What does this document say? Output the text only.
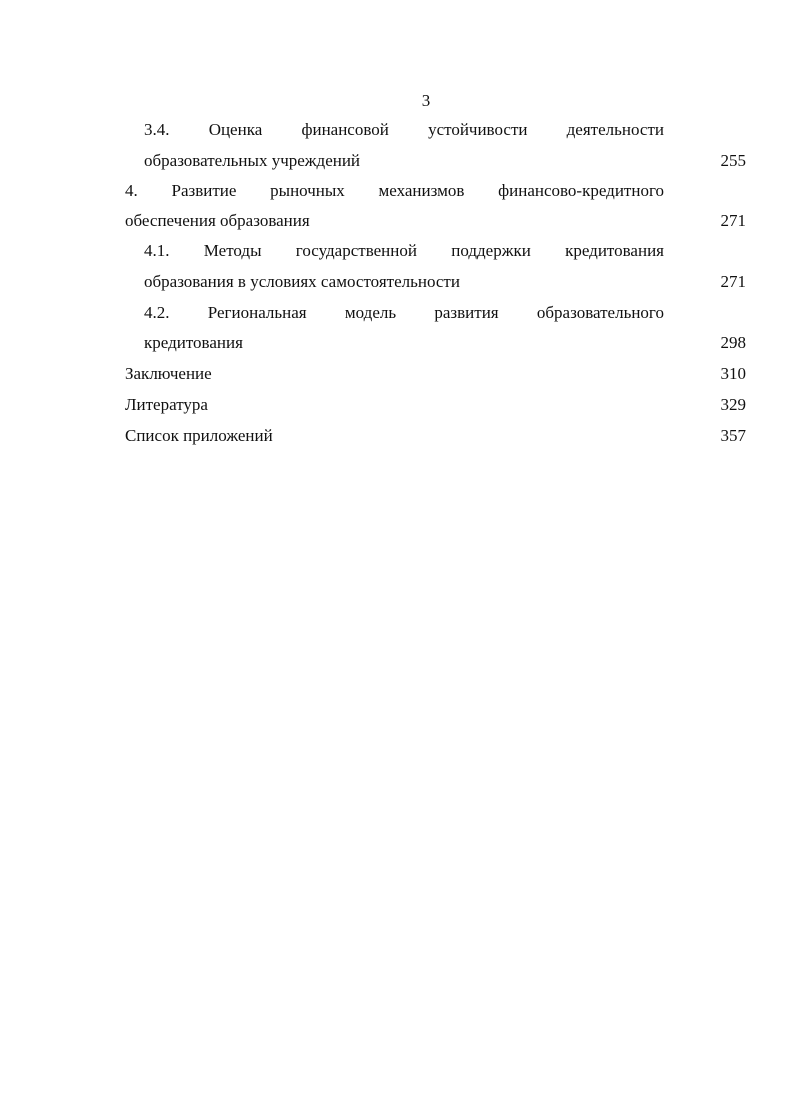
3
3.4. Оценка финансовой устойчивости деятельности
образовательных учреждений	255
4. Развитие рыночных механизмов финансово-кредитного
обеспечения образования	271
4.1. Методы государственной поддержки кредитования
образования в условиях самостоятельности	271
4.2. Региональная модель развития образовательного
кредитования	298
Заключение	310
Литература	329
Список приложений	357
